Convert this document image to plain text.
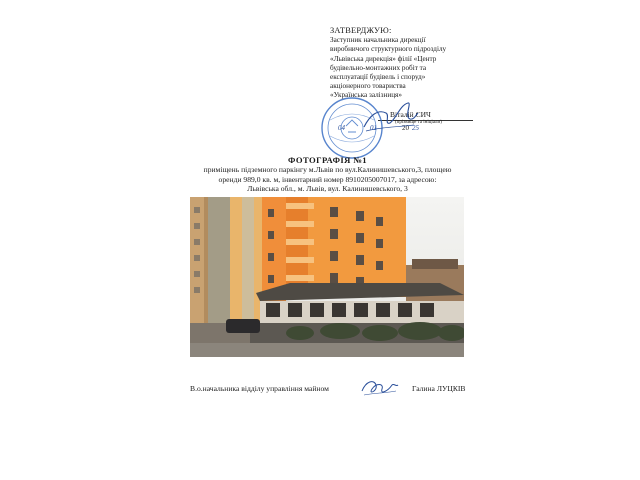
ЗАТВЕРДЖУЮ:
Заступник начальника дирекції
виробничого структурного підрозділу
«Львівська дирекція» філії «Центр
будівельно-монтажних робіт та
експлуатації будівель і споруд»
акціонерного товариства
«Українська залізниця»
Віталій СИЧ
(прізвище та ініціали)
04	01	20 25
ФОТОГРАФІЯ №1
приміщень підземного паркінгу м.Львів по вул.Калинишевського,3, площею
оренди 989,0 кв. м, інвентарний номер 8910205007017, за адресою:
Львівська обл., м. Львів, вул. Калинишевського, 3
В.о.начальника відділу управління майном	Галина ЛУЦКІВ
